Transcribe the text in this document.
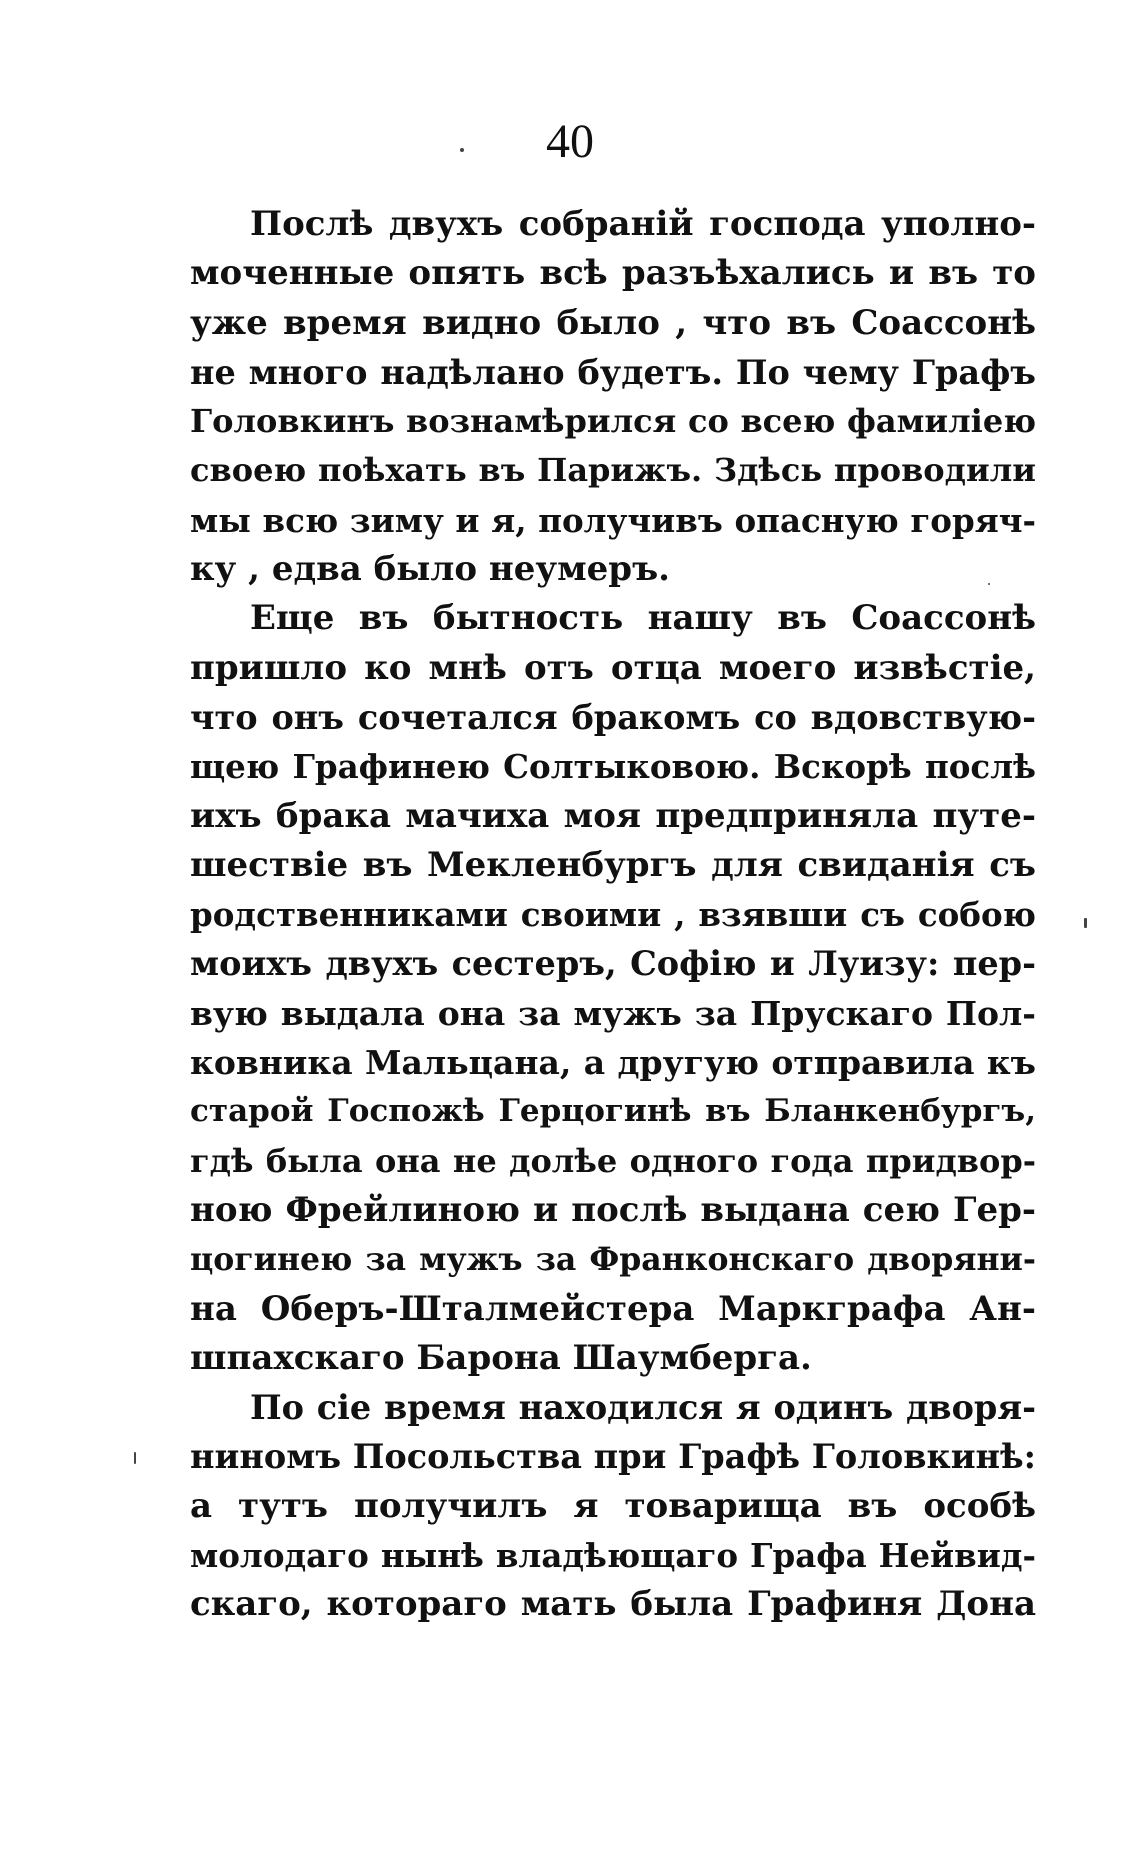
40
Послѣ двухъ собраній господа уполно-
моченные опять всѣ разъѣхались и въ то
уже время видно было , что въ Соассонѣ
не много надѣлано будетъ. По чему Графъ
Головкинъ вознамѣрился со всею фамиліею
своею поѣхать въ Парижъ. Здѣсь проводили
мы всю зиму и я, получивъ опасную горяч-
ку , едва было неумеръ.
Еще въ бытность нашу въ Соассонѣ
пришло ко мнѣ отъ отца моего извѣстіе,
что онъ сочетался бракомъ со вдовствую-
щею Графинею Солтыковою. Вскорѣ послѣ
ихъ брака мачиха моя предприняла путе-
шествіе въ Мекленбургъ для свиданія съ
родственниками своими , взявши съ собою
моихъ двухъ сестеръ, Софію и Луизу: пер-
вую выдала она за мужъ за Прускаго Пол-
ковника Мальцана, а другую отправила къ
старой Госпожѣ Герцогинѣ въ Бланкенбургъ,
гдѣ была она не долѣе одного года придвор-
ною Фрейлиною и послѣ выдана сею Гер-
цогинею за мужъ за Франконскаго дворяни-
на Оберъ-Шталмейстера Маркграфа Ан-
шпахскаго Барона Шаумберга.
По сіе время находился я одинъ дворя-
ниномъ Посольства при Графѣ Головкинѣ:
а тутъ получилъ я товарища въ особѣ
молодаго нынѣ владѣющаго Графа Нейвид-
скаго, котораго мать была Графиня Дона
